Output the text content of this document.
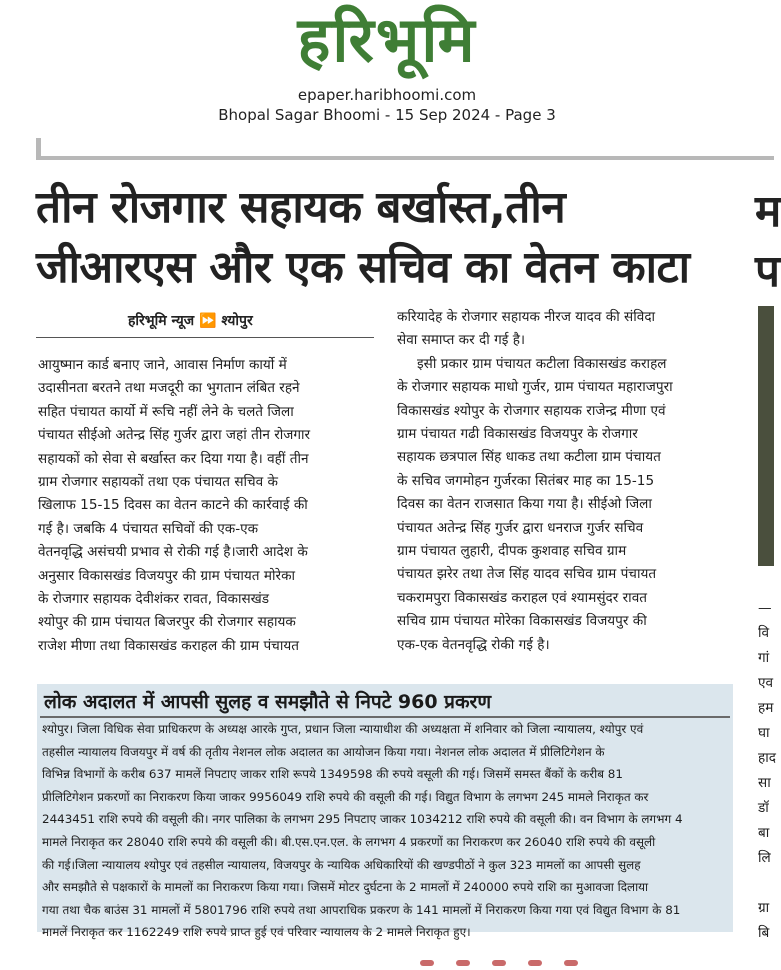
हरिभूमि
epaper.haribhoomi.com
Bhopal Sagar Bhoomi - 15 Sep 2024 - Page 3
तीन रोजगार सहायक बर्खास्त,तीन
जीआरएस और एक सचिव का वेतन काटा
म
प
हरिभूमि न्यूज ⏩ श्योपुर
आयुष्मान कार्ड बनाए जाने, आवास निर्माण कार्यो में
उदासीनता बरतने तथा मजदूरी का भुगतान लंबित रहने
सहित पंचायत कार्यो में रूचि नहीं लेने के चलते जिला
पंचायत सीईओ अतेन्द्र सिंह गुर्जर द्वारा जहां तीन रोजगार
सहायकों को सेवा से बर्खास्त कर दिया गया है। वहीं तीन
ग्राम रोजगार सहायकों तथा एक पंचायत सचिव के
खिलाफ 15-15 दिवस का वेतन काटने की कार्रवाई की
गई है। जबकि 4 पंचायत सचिवों की एक-एक
वेतनवृद्धि असंचयी प्रभाव से रोकी गई है।जारी आदेश के
अनुसार विकासखंड विजयपुर की ग्राम पंचायत मोरेका
के रोजगार सहायक देवीशंकर रावत, विकासखंड
श्योपुर की ग्राम पंचायत बिजरपुर की रोजगार सहायक
राजेश मीणा तथा विकासखंड कराहल की ग्राम पंचायत
करियादेह के रोजगार सहायक नीरज यादव की संविदा
सेवा समाप्त कर दी गई है।
इसी प्रकार ग्राम पंचायत कटीला विकासखंड कराहल
के रोजगार सहायक माधो गुर्जर, ग्राम पंचायत महाराजपुरा
विकासखंड श्योपुर के रोजगार सहायक राजेन्द्र मीणा एवं
ग्राम पंचायत गढी विकासखंड विजयपुर के रोजगार
सहायक छत्रपाल सिंह धाकड तथा कटीला ग्राम पंचायत
के सचिव जगमोहन गुर्जरका सितंबर माह का 15-15
दिवस का वेतन राजसात किया गया है। सीईओ जिला
पंचायत अतेन्द्र सिंह गुर्जर द्वारा धनराज गुर्जर सचिव
ग्राम पंचायत लुहारी, दीपक कुशवाह सचिव ग्राम
पंचायत झरेर तथा तेज सिंह यादव सचिव ग्राम पंचायत
चकरामपुरा विकासखंड कराहल एवं श्यामसुंदर रावत
सचिव ग्राम पंचायत मोरेका विकासखंड विजयपुर की
एक-एक वेतनवृद्धि रोकी गई है।
—
वि
गां
एव
हम
घा
हाद
सा
डॉ
बा
लि
ग्रा
बि
लोक अदालत में आपसी सुलह व समझौते से निपटे 960 प्रकरण
श्योपुर। जिला विधिक सेवा प्राधिकरण के अध्यक्ष आरके गुप्त, प्रधान जिला न्यायाधीश की अध्यक्षता में शनिवार को जिला न्यायालय, श्योपुर एवं
तहसील न्यायालय विजयपुर में वर्ष की तृतीय नेशनल लोक अदालत का आयोजन किया गया। नेशनल लोक अदालत में प्रीलिटिगेशन के
विभिन्न विभागों के करीब 637 मामलें निपटाए जाकर राशि रूपये 1349598 की रुपये वसूली की गई। जिसमें समस्त बैंकों के करीब 81
प्रीलिटिगेशन प्रकरणों का निराकरण किया जाकर 9956049 राशि रुपये की वसूली की गई। विद्युत विभाग के लगभग 245 मामले निराकृत कर
2443451 राशि रुपये की वसूली की। नगर पालिका के लगभग 295 निपटाए जाकर 1034212 राशि रुपये की वसूली की। वन विभाग के लगभग 4
मामले निराकृत कर 28040 राशि रुपये की वसूली की। बी.एस.एन.एल. के लगभग 4 प्रकरणों का निराकरण कर 26040 राशि रुपये की वसूली
की गई।जिला न्यायालय श्योपुर एवं तहसील न्यायालय, विजयपुर के न्यायिक अधिकारियों की खण्डपीठों ने कुल 323 मामलों का आपसी सुलह
और समझौते से पक्षकारों के मामलों का निराकरण किया गया। जिसमें मोटर दुर्घटना के 2 मामलों में 240000 रुपये राशि का मुआवजा दिलाया
गया तथा चैक बाउंस 31 मामलों में 5801796 राशि रुपये तथा आपराधिक प्रकरण के 141 मामलों में निराकरण किया गया एवं विद्युत विभाग के 81
मामलें निराकृत कर 1162249 राशि रुपये प्राप्त हुई एवं परिवार न्यायालय के 2 मामले निराकृत हुए।
